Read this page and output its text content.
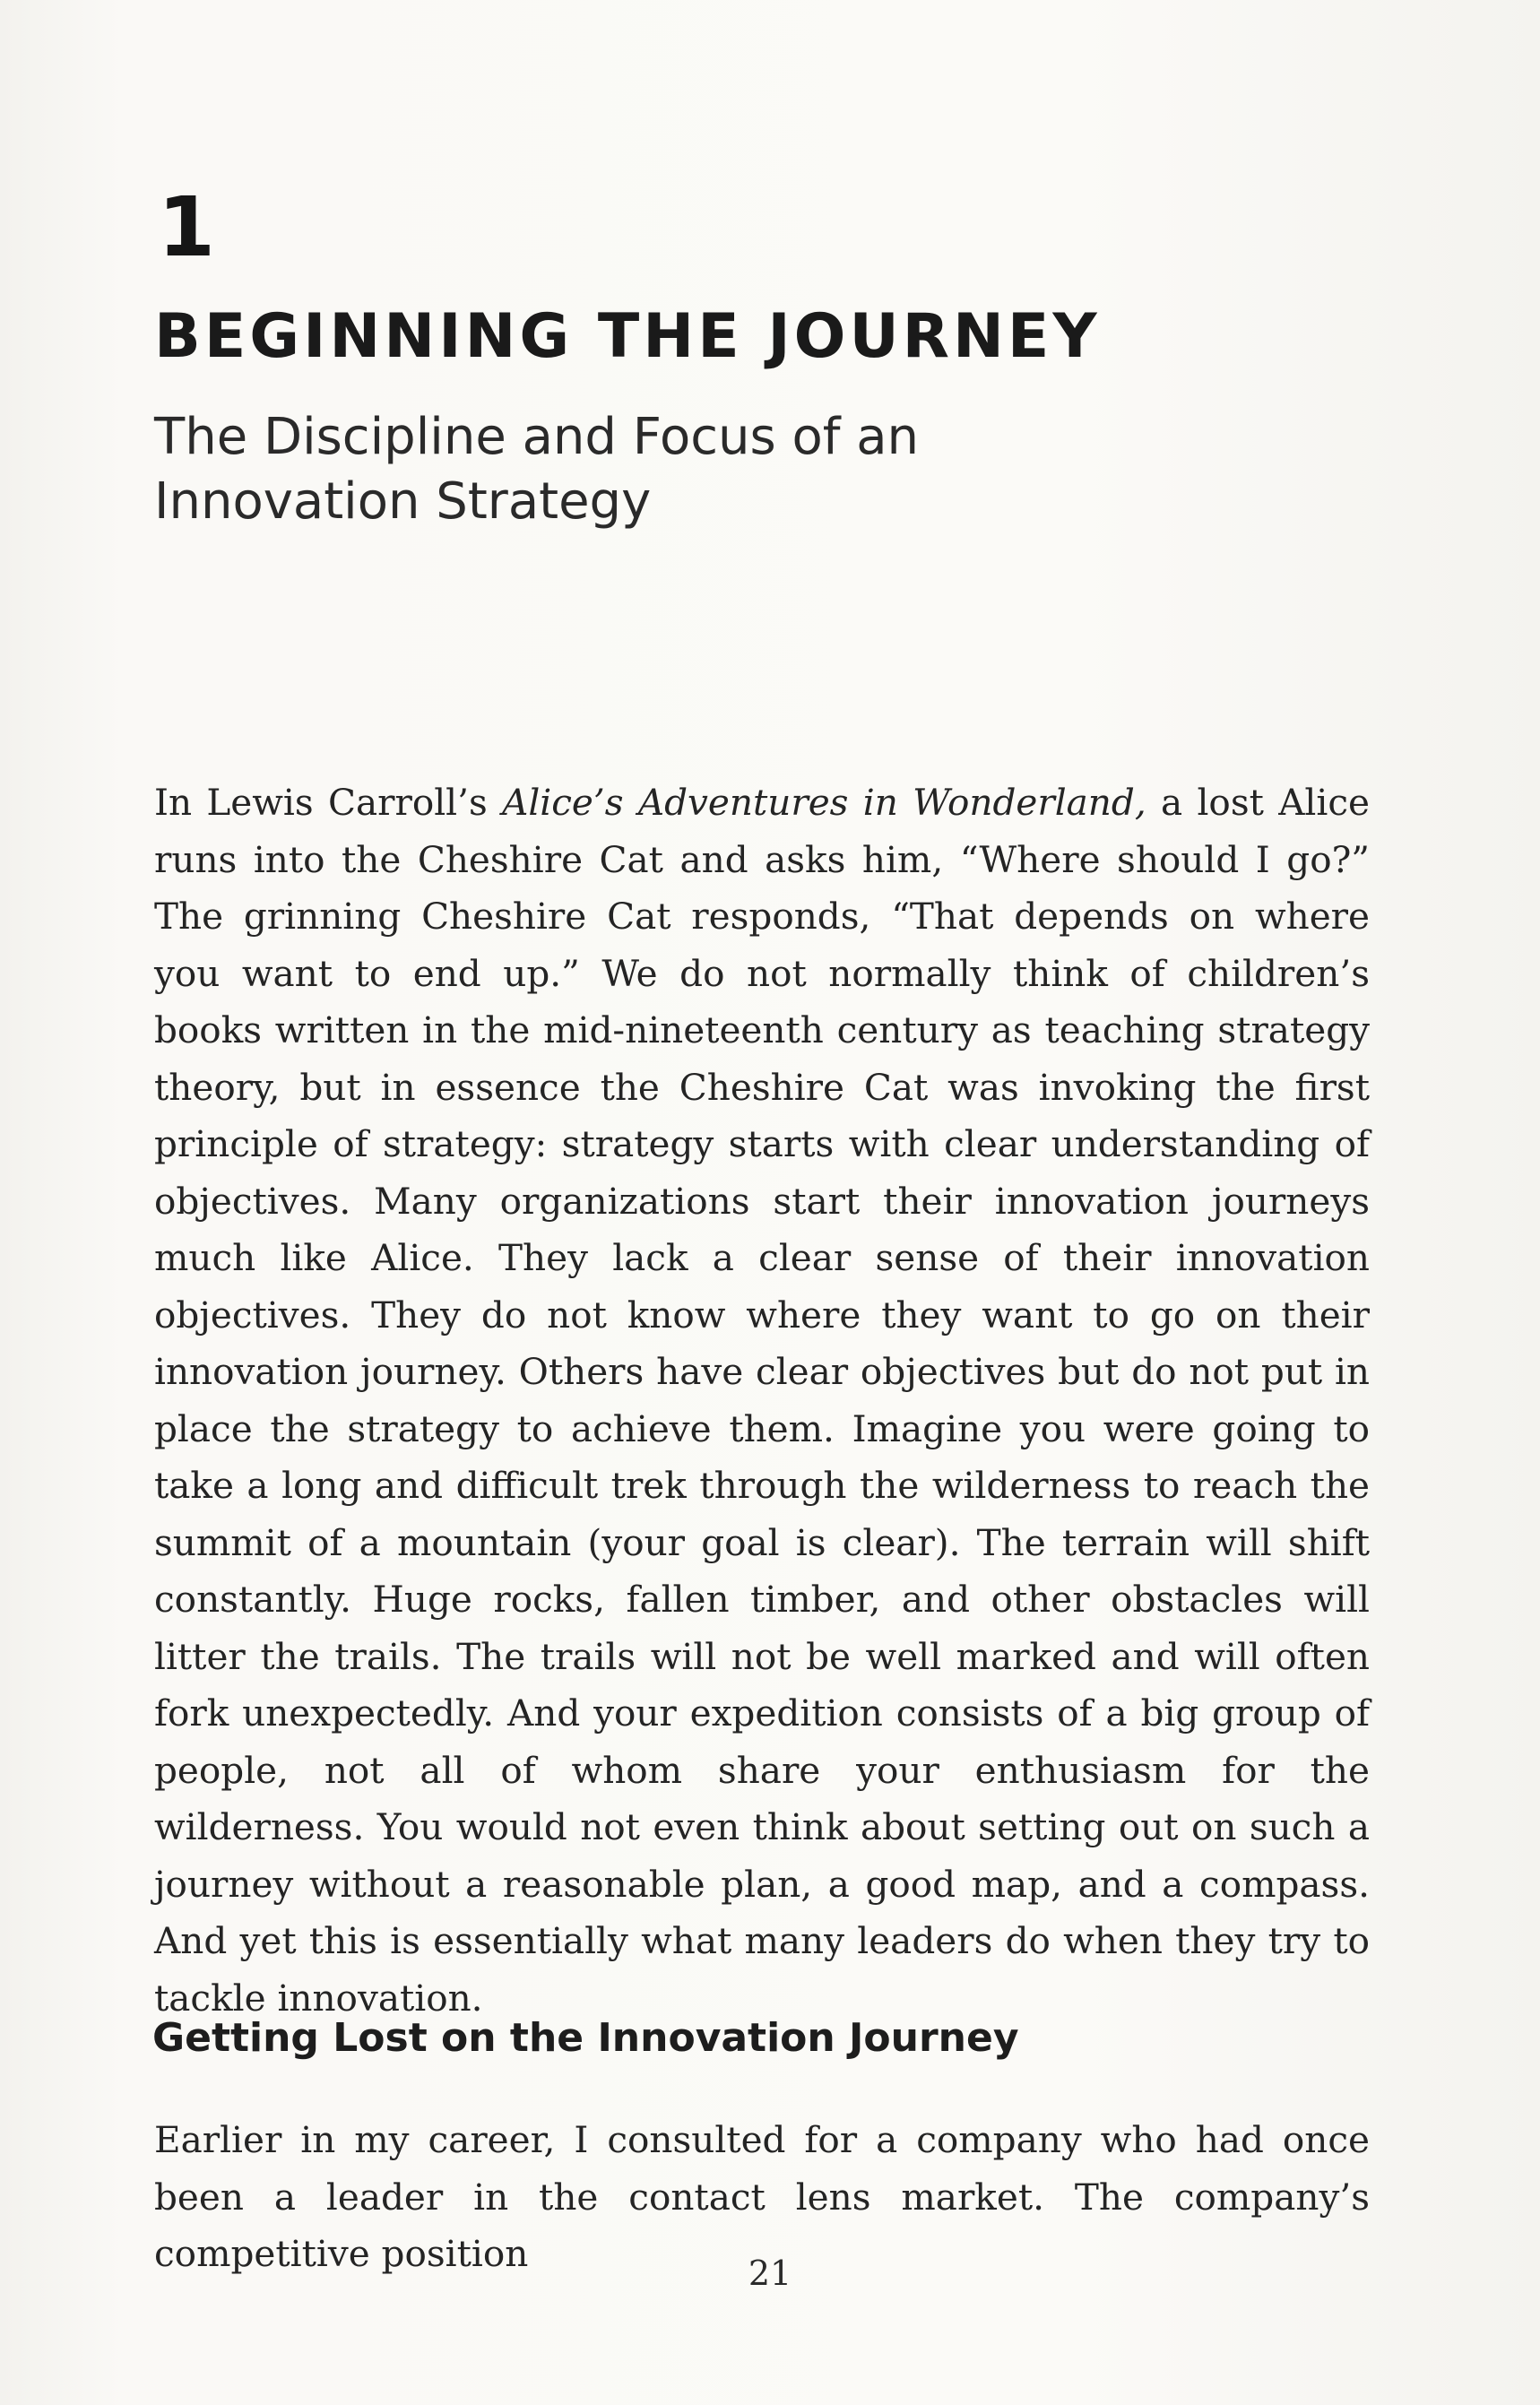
1
BEGINNING THE JOURNEY
The Discipline and Focus of an Innovation Strategy
In Lewis Carroll’s Alice’s Adventures in Wonderland, a lost Alice runs into the Cheshire Cat and asks him, “Where should I go?” The grinning Cheshire Cat responds, “That depends on where you want to end up.” We do not normally think of children’s books written in the mid-nineteenth century as teaching strategy theory, but in essence the Cheshire Cat was invoking the first principle of strategy: strategy starts with clear understanding of objectives. Many organizations start their innovation journeys much like Alice. They lack a clear sense of their innovation objectives. They do not know where they want to go on their innovation journey. Others have clear objectives but do not put in place the strategy to achieve them. Imagine you were going to take a long and difficult trek through the wilderness to reach the summit of a mountain (your goal is clear). The terrain will shift constantly. Huge rocks, fallen timber, and other obstacles will litter the trails. The trails will not be well marked and will often fork unexpectedly. And your expedition consists of a big group of people, not all of whom share your enthusiasm for the wilderness. You would not even think about setting out on such a journey without a reasonable plan, a good map, and a compass. And yet this is essentially what many leaders do when they try to tackle innovation.
Getting Lost on the Innovation Journey
Earlier in my career, I consulted for a company who had once been a leader in the contact lens market. The company’s competitive position	21
